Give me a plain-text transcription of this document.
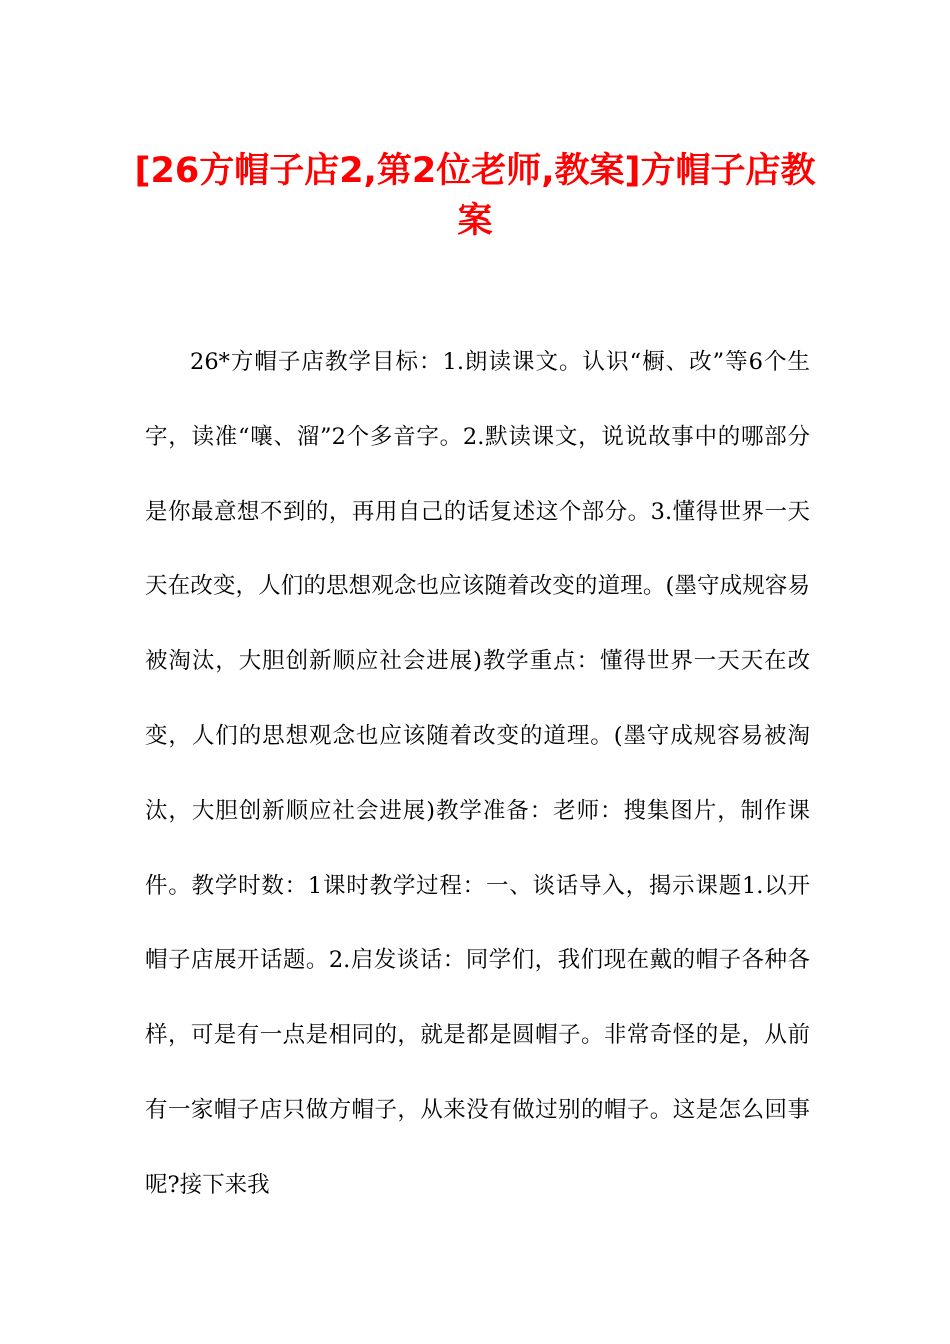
[26方帽子店2,第2位老师,教案]方帽子店教案

26*方帽子店教学目标：1.朗读课文。认识“橱、改”等6个生字，读准“嚷、溜”2个多音字。2.默读课文，说说故事中的哪部分是你最意想不到的，再用自己的话复述这个部分。3.懂得世界一天天在改变，人们的思想观念也应该随着改变的道理。(墨守成规容易被淘汰，大胆创新顺应社会进展)教学重点：懂得世界一天天在改变，人们的思想观念也应该随着改变的道理。(墨守成规容易被淘汰，大胆创新顺应社会进展)教学准备：老师：搜集图片，制作课件。教学时数：1课时教学过程：一、谈话导入，揭示课题1.以开帽子店展开话题。2.启发谈话：同学们，我们现在戴的帽子各种各样，可是有一点是相同的，就是都是圆帽子。非常奇怪的是，从前有一家帽子店只做方帽子，从来没有做过别的帽子。这是怎么回事呢?接下来我
